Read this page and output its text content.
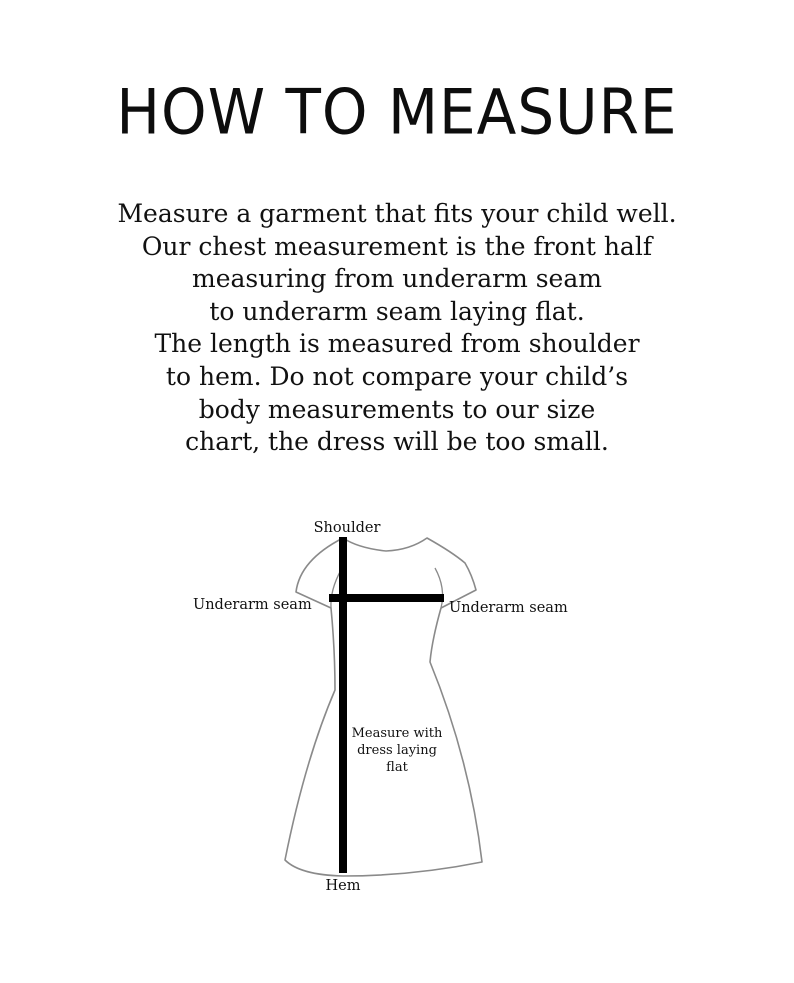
HOW TO MEASURE
Measure a garment that fits your child well.
Our chest measurement is the front half
measuring from underarm seam
to underarm seam laying flat.
The length is measured from shoulder
to hem. Do not compare your child’s
body measurements to our size
chart, the dress will be too small.
Shoulder
Underarm seam	Underarm seam
Measure with
dress laying
flat
Hem
